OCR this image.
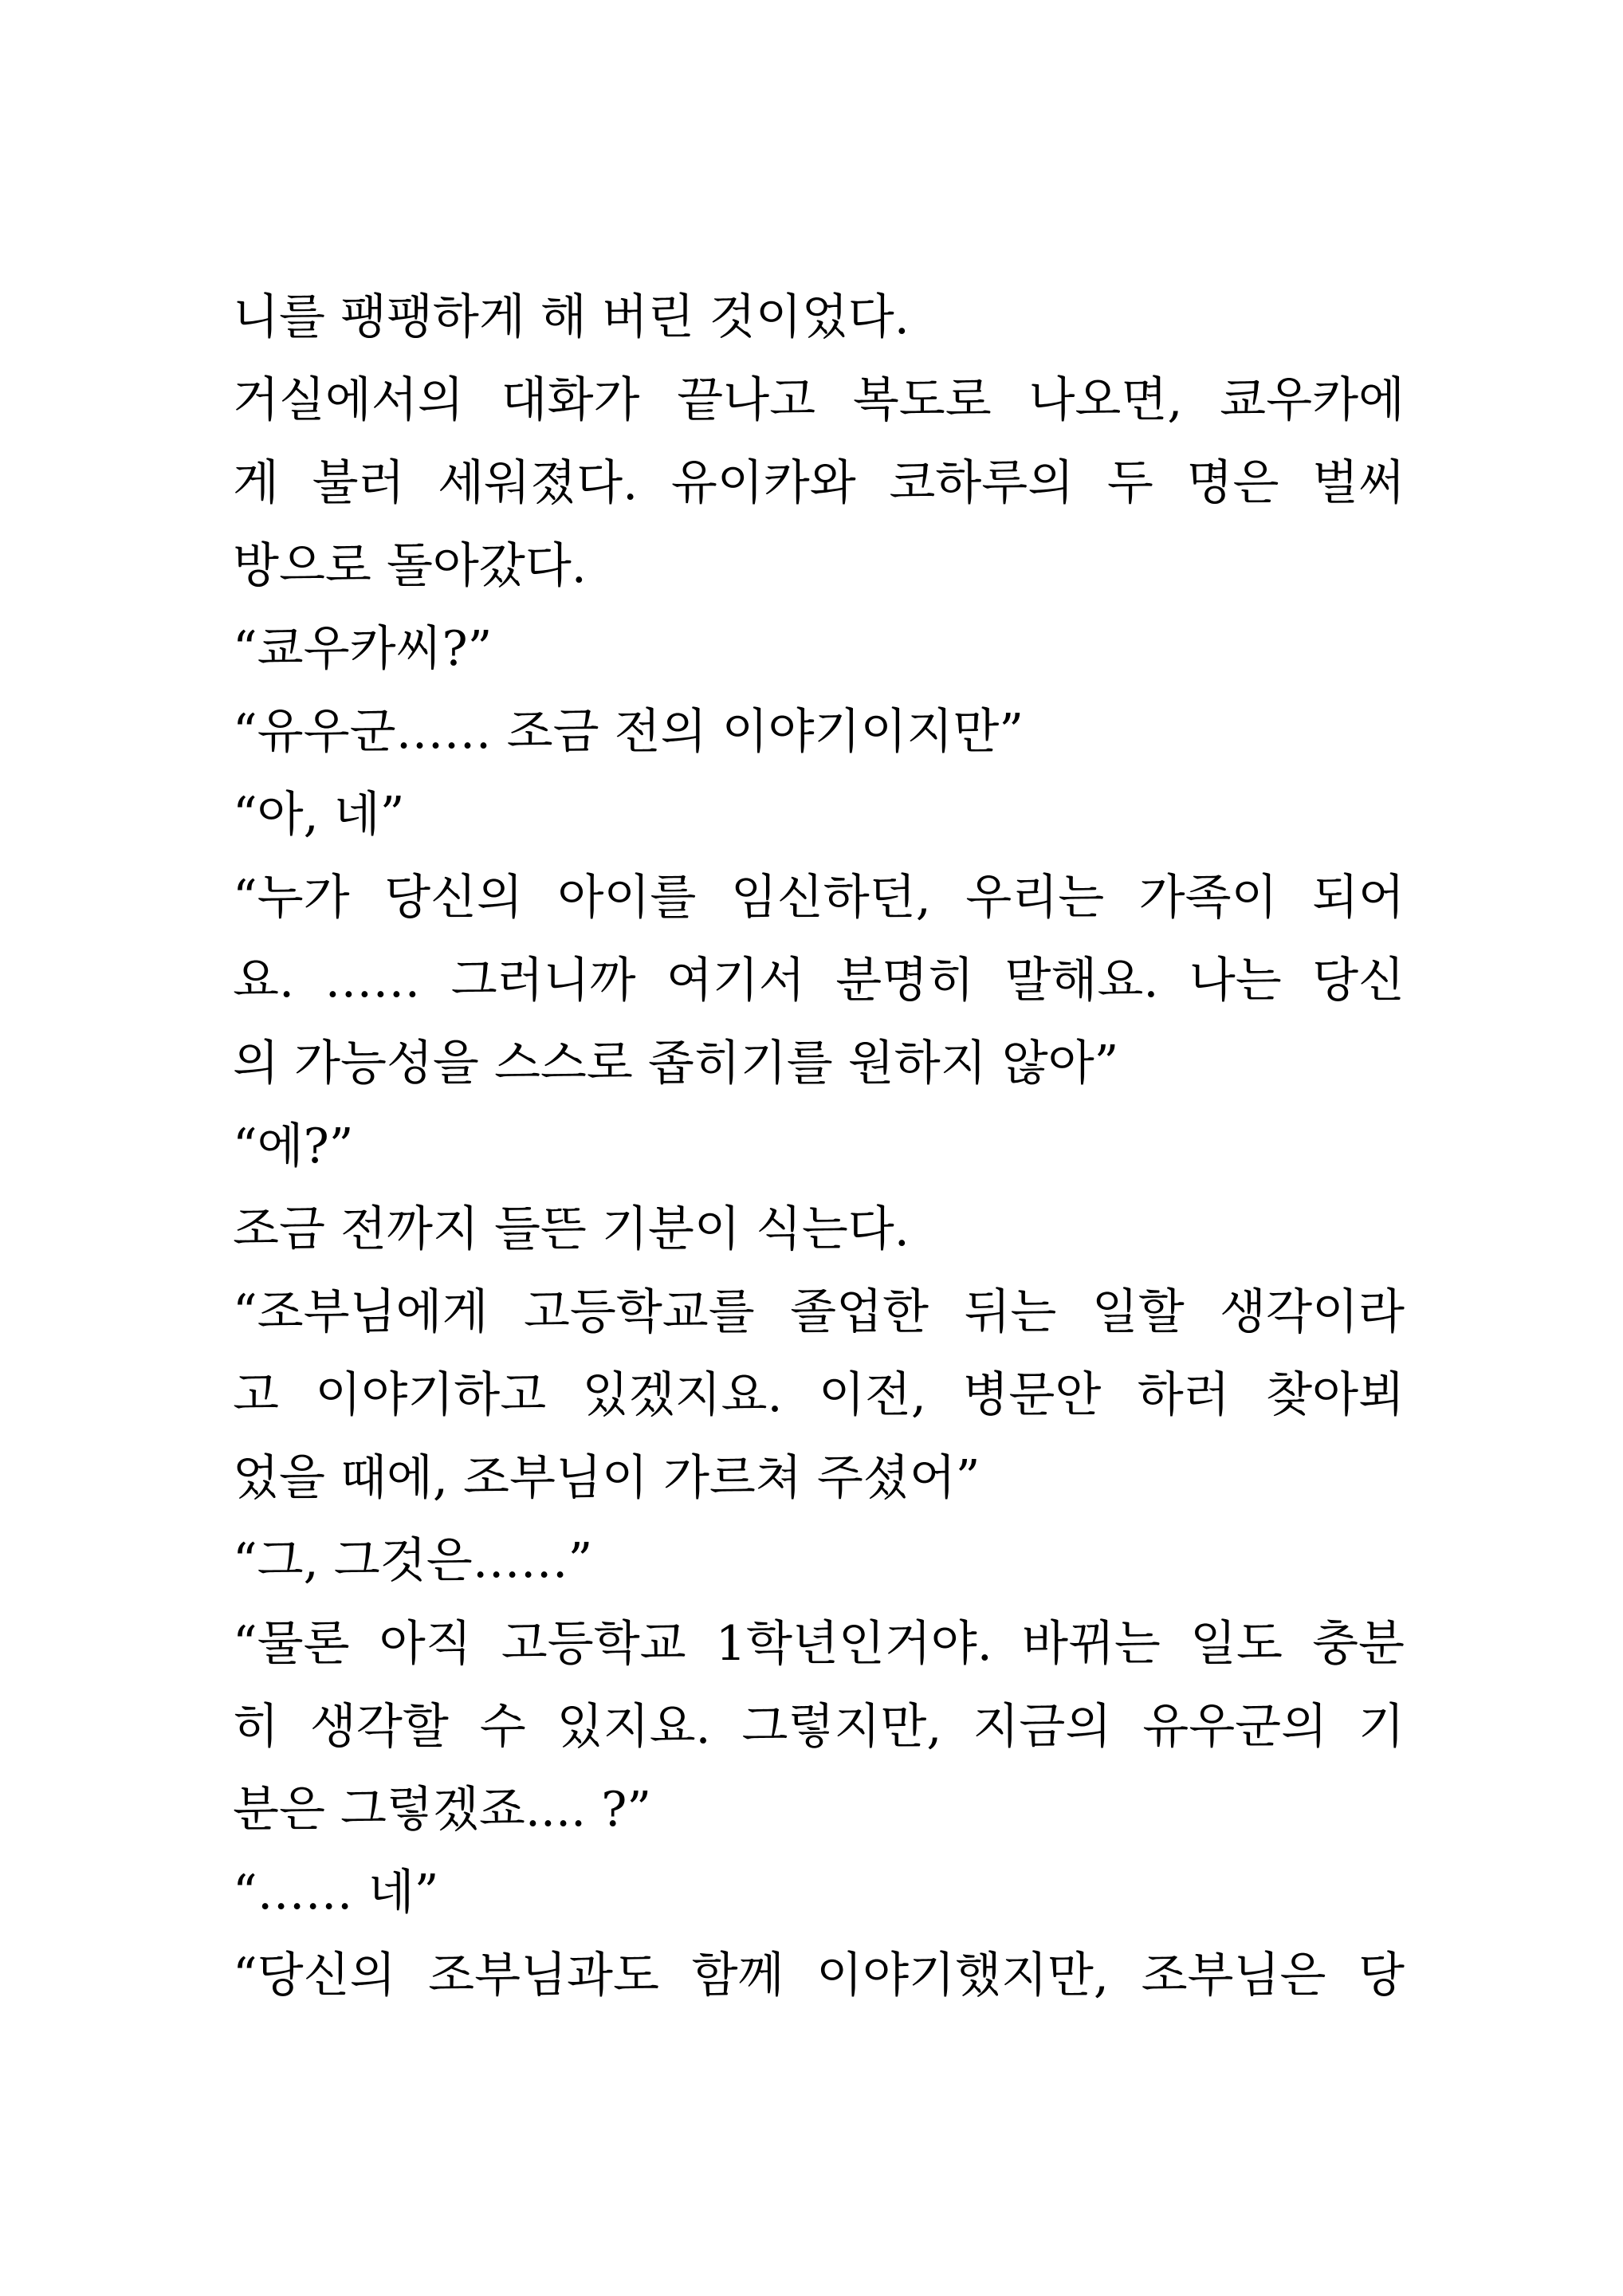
니를 팽팽하게 해 버린 것이었다.
거실에서의 대화가 끝나고 복도로 나오면, 쿄우카에
게 불러 세워졌다. 유이카와 코하루의 두 명은 벌써
방으로 돌아갔다.
“쿄우카씨?”
“유우군…… 조금 전의 이야기이지만”
“아, 네”
“누가 당신의 아이를 임신하던, 우리는 가족이 되어
요. …… 그러니까 여기서 분명히 말해요. 나는 당신
의 가능성을 스스로 좁히기를 원하지 않아”
“에?”
조금 전까지 들뜬 기분이 식는다.
“조부님에게 고등학교를 졸업한 뒤는 일할 생각이라
고 이야기하고 있겠지요. 이전, 병문안 하러 찾아뵈
었을 때에, 조부님이 가르쳐 주셨어”
“그, 그것은……”
“물론 아직 고등학교 1학년인거야. 바뀌는 일도 충분
히 생각할 수 있지요. 그렇지만, 지금의 유우군의 기
분은 그렇겠죠.... ?”
“…… 네”
“당신의 조부님과도 함께 이야기했지만, 조부님은 당
